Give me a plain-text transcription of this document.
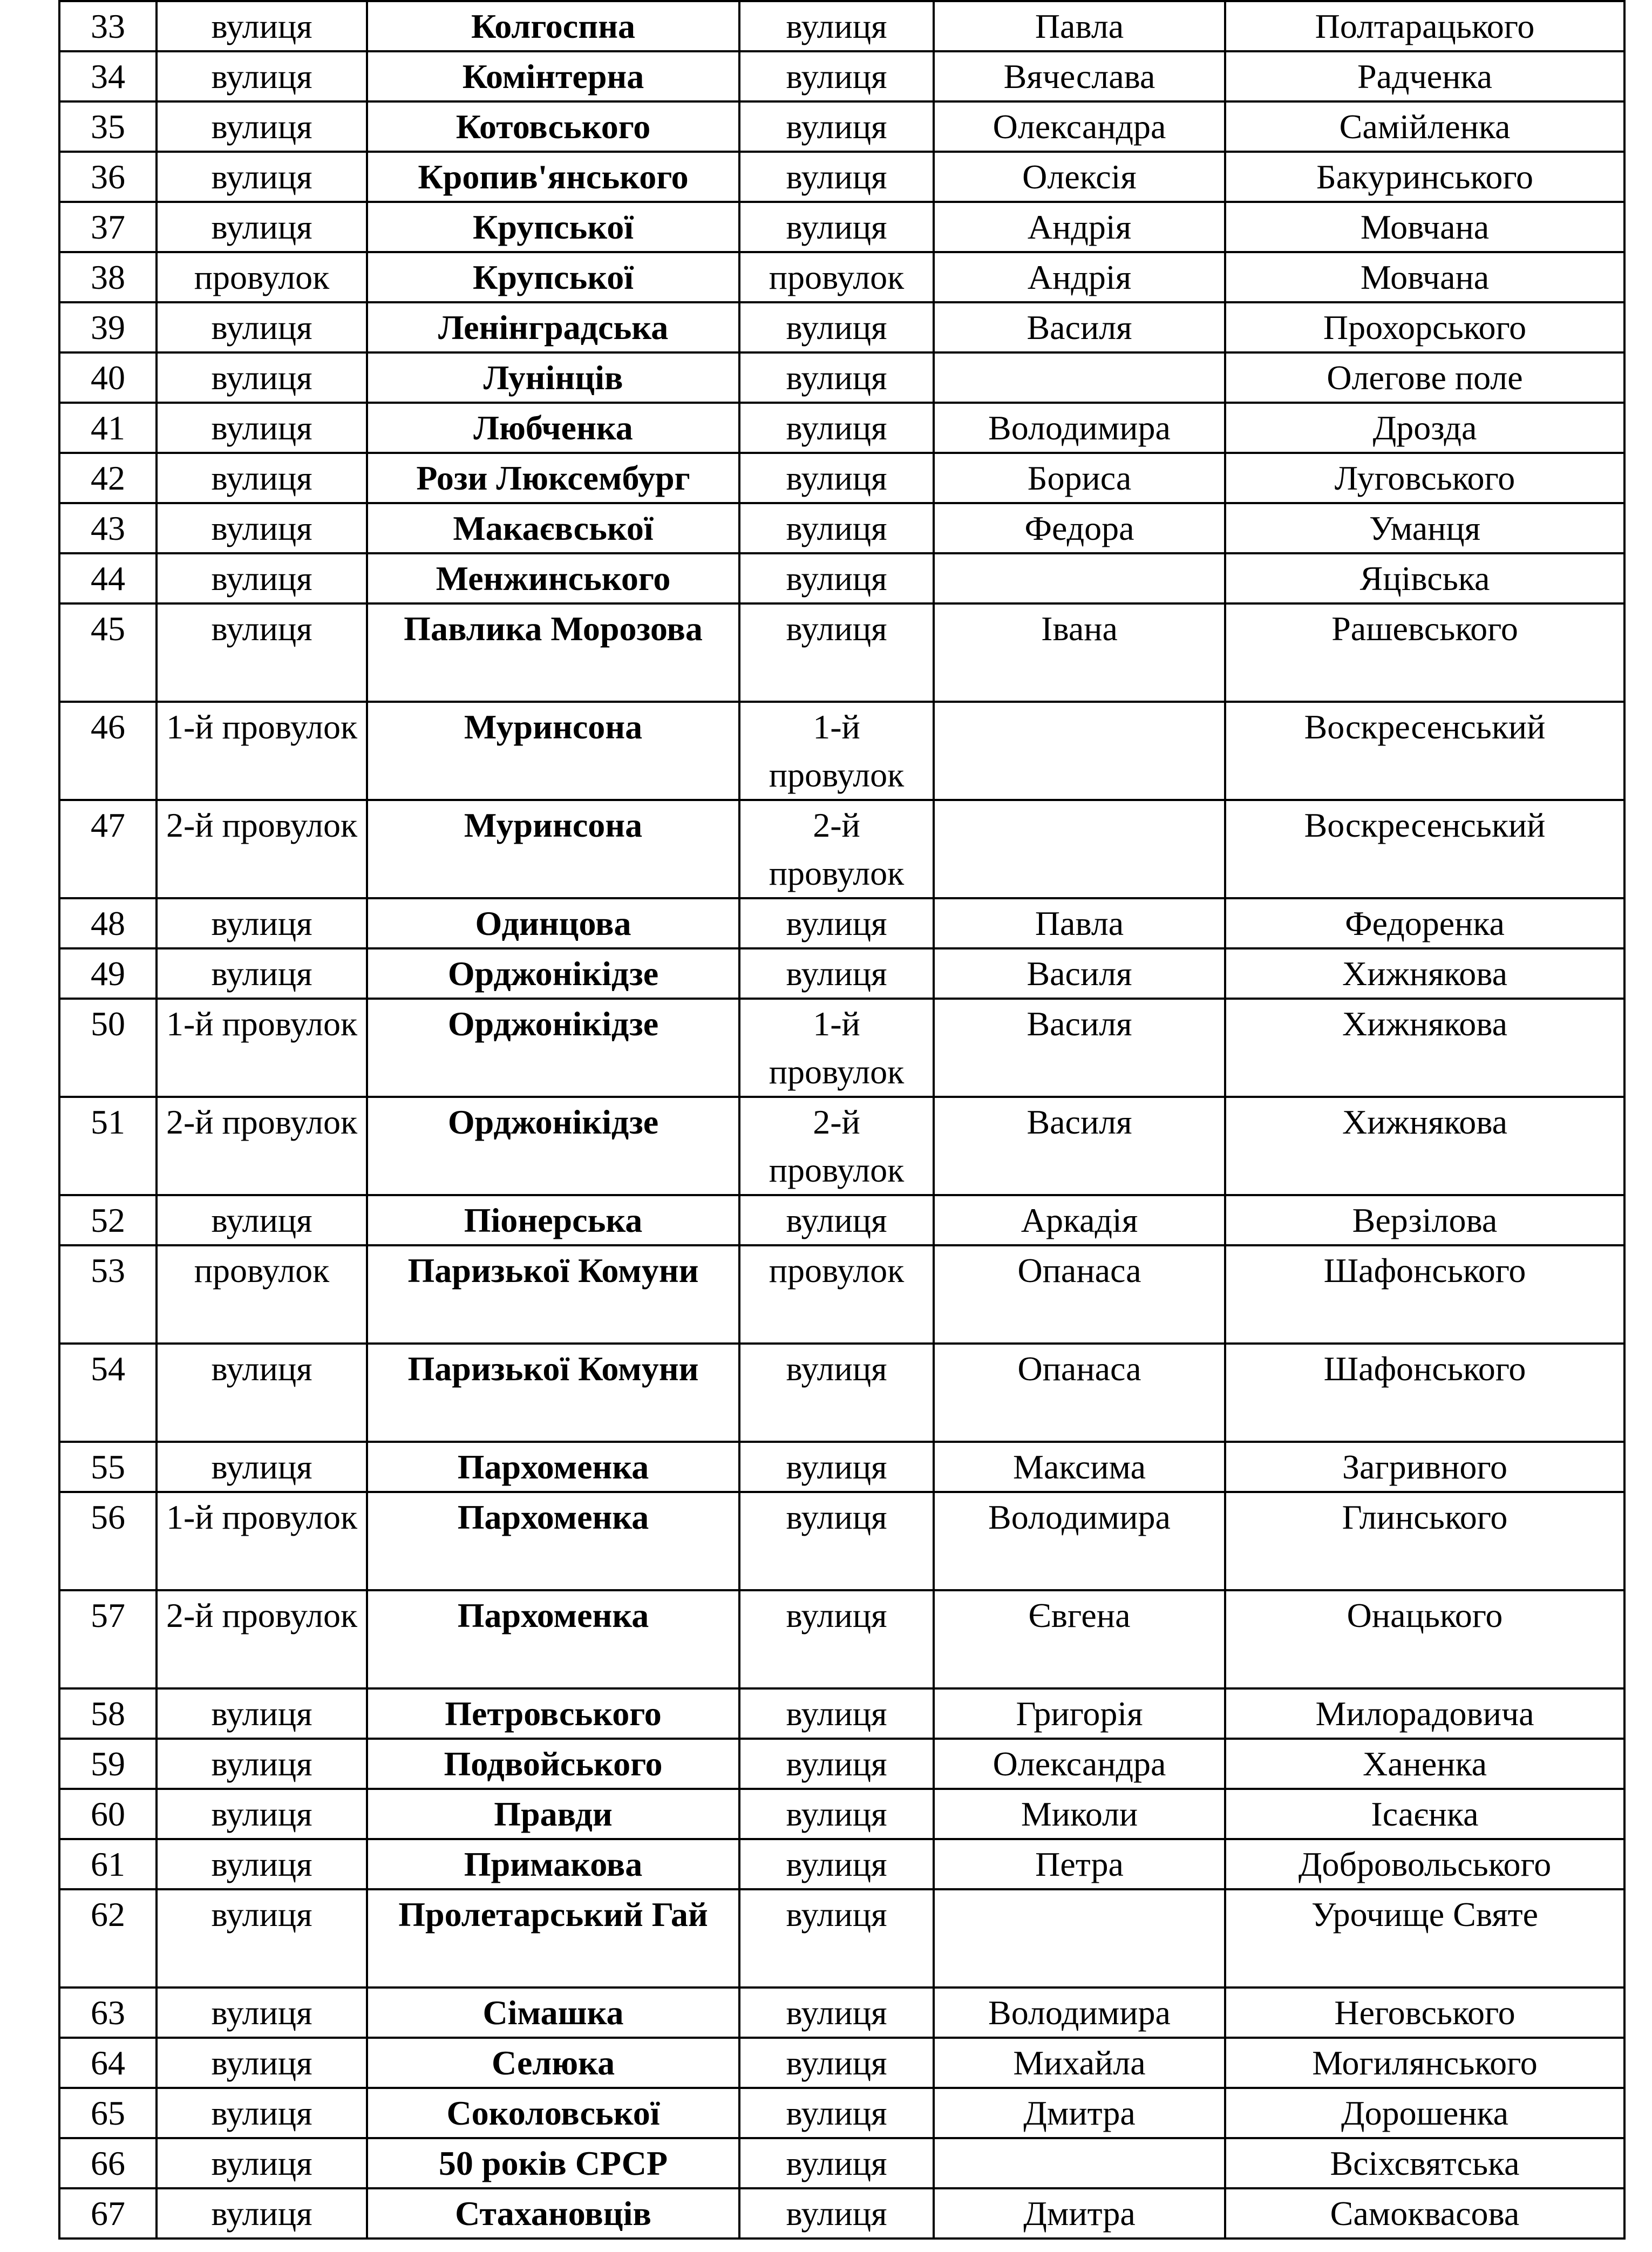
33	вулиця	Колгоспна	вулиця	Павла	Полтарацького
34	вулиця	Комінтерна	вулиця	Вячеслава	Радченка
35	вулиця	Котовського	вулиця	Олександра	Самійленка
36	вулиця	Кропив'янського	вулиця	Олексія	Бакуринського
37	вулиця	Крупської	вулиця	Андрія	Мовчана
38	провулок	Крупської	провулок	Андрія	Мовчана
39	вулиця	Ленінградська	вулиця	Василя	Прохорського
40	вулиця	Лунінців	вулиця		Олегове поле
41	вулиця	Любченка	вулиця	Володимира	Дрозда
42	вулиця	Рози Люксембург	вулиця	Бориса	Луговського
43	вулиця	Макаєвської	вулиця	Федора	Уманця
44	вулиця	Менжинського	вулиця		Яцівська
45	вулиця	Павлика Морозова	вулиця	Івана	Рашевського
46	1-й провулок	Муринсона	1-й провулок		Воскресенський
47	2-й провулок	Муринсона	2-й провулок		Воскресенський
48	вулиця	Одинцова	вулиця	Павла	Федоренка
49	вулиця	Орджонікідзе	вулиця	Василя	Хижнякова
50	1-й провулок	Орджонікідзе	1-й провулок	Василя	Хижнякова
51	2-й провулок	Орджонікідзе	2-й провулок	Василя	Хижнякова
52	вулиця	Піонерська	вулиця	Аркадія	Верзілова
53	провулок	Паризької Комуни	провулок	Опанаса	Шафонського
54	вулиця	Паризької Комуни	вулиця	Опанаса	Шафонського
55	вулиця	Пархоменка	вулиця	Максима	Загривного
56	1-й провулок	Пархоменка	вулиця	Володимира	Глинського
57	2-й провулок	Пархоменка	вулиця	Євгена	Онацького
58	вулиця	Петровського	вулиця	Григорія	Милорадовича
59	вулиця	Подвойського	вулиця	Олександра	Ханенка
60	вулиця	Правди	вулиця	Миколи	Ісаєнка
61	вулиця	Примакова	вулиця	Петра	Добровольського
62	вулиця	Пролетарський Гай	вулиця		Урочище Святе
63	вулиця	Сімашка	вулиця	Володимира	Неговського
64	вулиця	Селюка	вулиця	Михайла	Могилянського
65	вулиця	Соколовської	вулиця	Дмитра	Дорошенка
66	вулиця	50 років СРСР	вулиця		Всіхсвятська
67	вулиця	Стахановців	вулиця	Дмитра	Самоквасова
